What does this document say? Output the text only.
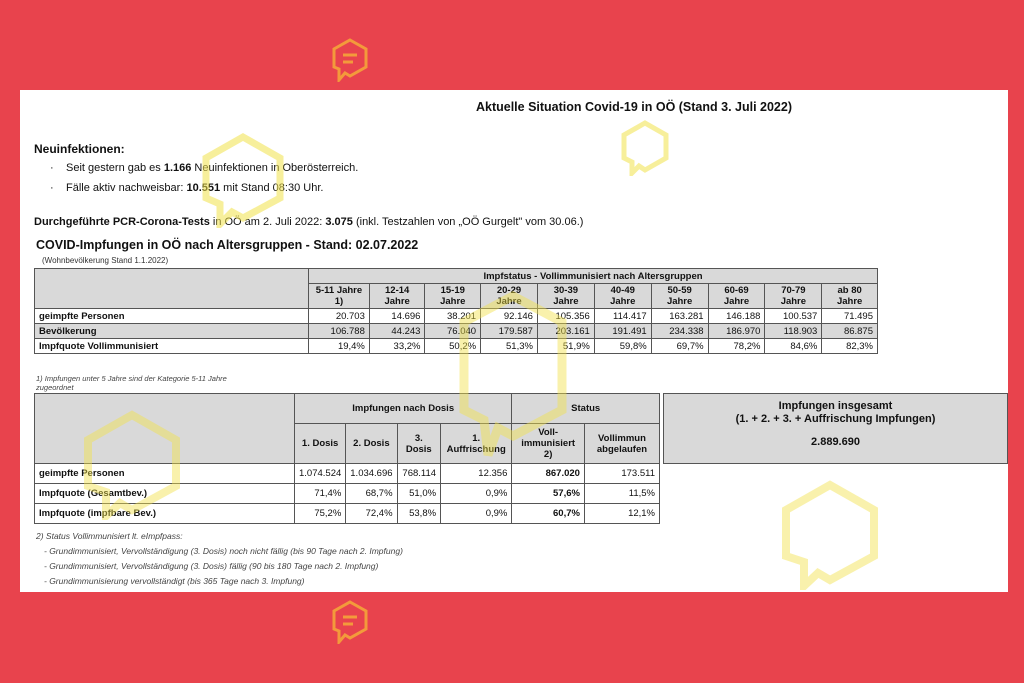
Aktuelle Situation Covid-19 in OÖ (Stand 3. Juli 2022)
Neuinfektionen:
·	Seit gestern gab es 1.166 Neuinfektionen in Oberösterreich.
·	Fälle aktiv nachweisbar: 10.551 mit Stand 08:30 Uhr.
Durchgeführte PCR-Corona-Tests in OÖ am 2. Juli 2022: 3.075 (inkl. Testzahlen von „OÖ Gurgelt" vom 30.06.)
COVID-Impfungen in OÖ nach Altersgruppen - Stand: 02.07.2022
(Wohnbevölkerung Stand 1.1.2022)
	Impfstatus - Vollimmunisiert nach Altersgruppen									
	5-11 Jahre 1)	12-14 Jahre	15-19 Jahre	20-29 Jahre	30-39 Jahre	40-49 Jahre	50-59 Jahre	60-69 Jahre	70-79 Jahre	ab 80 Jahre
geimpfte Personen	20.703	14.696	38.201	92.146	105.356	114.417	163.281	146.188	100.537	71.495
Bevölkerung	106.788	44.243	76.040	179.587	203.161	191.491	234.338	186.970	118.903	86.875
Impfquote Vollimmunisiert	19,4%	33,2%	50,2%	51,3%	51,9%	59,8%	69,7%	78,2%	84,6%	82,3%
1) Impfungen unter 5 Jahre sind der Kategorie 5-11 Jahre zugeordnet
	Impfungen nach Dosis				Status	
	1. Dosis	2. Dosis	3. Dosis	1. Auffrischung	Voll-immunisiert 2)	Vollimmun abgelaufen
geimpfte Personen	1.074.524	1.034.696	768.114	12.356	867.020	173.511
Impfquote (Gesamtbev.)	71,4%	68,7%	51,0%	0,9%	57,6%	11,5%
Impfquote (impfbare Bev.)	75,2%	72,4%	53,8%	0,9%	60,7%	12,1%
Impfungen insgesamt
(1. + 2. + 3. + Auffrischung Impfungen)
2.889.690
2) Status Vollimmunisiert lt. eImpfpass:
- Grundimmunisiert, Vervollständigung (3. Dosis) noch nicht fällig (bis 90 Tage nach 2. Impfung)
- Grundimmunisiert, Vervollständigung (3. Dosis) fällig (90 bis 180 Tage nach 2. Impfung)
- Grundimmunisierung vervollständigt (bis 365 Tage nach 3. Impfung)
